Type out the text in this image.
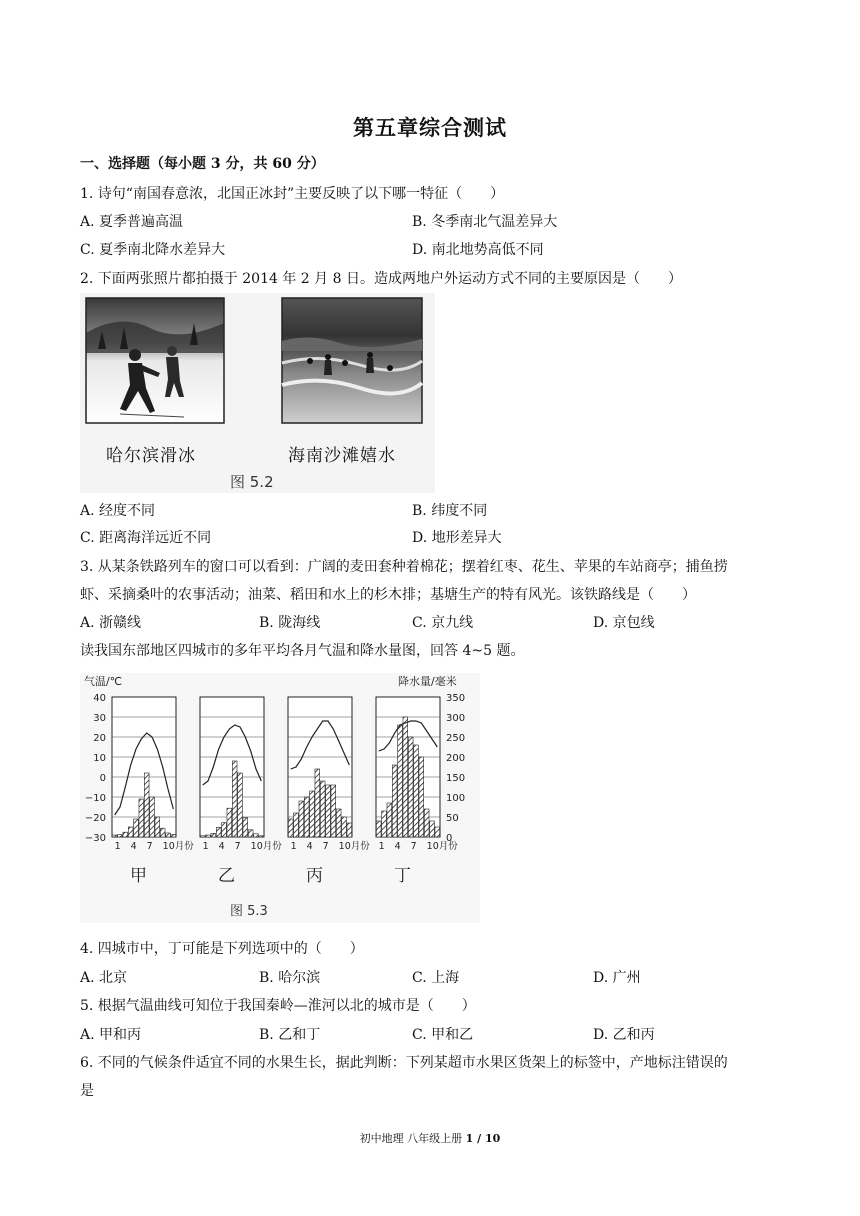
第五章综合测试
一、选择题（每小题 3 分，共 60 分）
1. 诗句“南国春意浓，北国正冰封”主要反映了以下哪一特征（　　）
A. 夏季普遍高温	B. 冬季南北气温差异大
C. 夏季南北降水差异大	D. 南北地势高低不同
2. 下面两张照片都拍摄于 2014 年 2 月 8 日。造成两地户外运动方式不同的主要原因是（　　）
哈尔滨滑冰	海南沙滩嬉水
图 5.2
A. 经度不同	B. 纬度不同
C. 距离海洋远近不同	D. 地形差异大
3. 从某条铁路列车的窗口可以看到：广阔的麦田套种着棉花；摆着红枣、花生、苹果的车站商亭；捕鱼捞
虾、采摘桑叶的农事活动；油菜、稻田和水上的杉木排；基塘生产的特有风光。该铁路线是（　　）
A. 浙赣线	B. 陇海线	C. 京九线	D. 京包线
读我国东部地区四城市的多年平均各月气温和降水量图，回答 4~5 题。
气温/℃	降水量/毫米
40
30
20
10
0
−10
−20
−30
350
300
250
200
150
100
50
0
1 4 7 10月份
甲
1 4 7 10月份
乙
1 4 7 10月份
丙
1 4 7 10月份
丁
图 5.3
4. 四城市中，丁可能是下列选项中的（　　）
A. 北京	B. 哈尔滨	C. 上海	D. 广州
5. 根据气温曲线可知位于我国秦岭—淮河以北的城市是（　　）
A. 甲和丙	B. 乙和丁	C. 甲和乙	D. 乙和丙
6. 不同的气候条件适宜不同的水果生长，据此判断：下列某超市水果区货架上的标签中，产地标注错误的
是
初中地理 八年级上册 1 / 10
